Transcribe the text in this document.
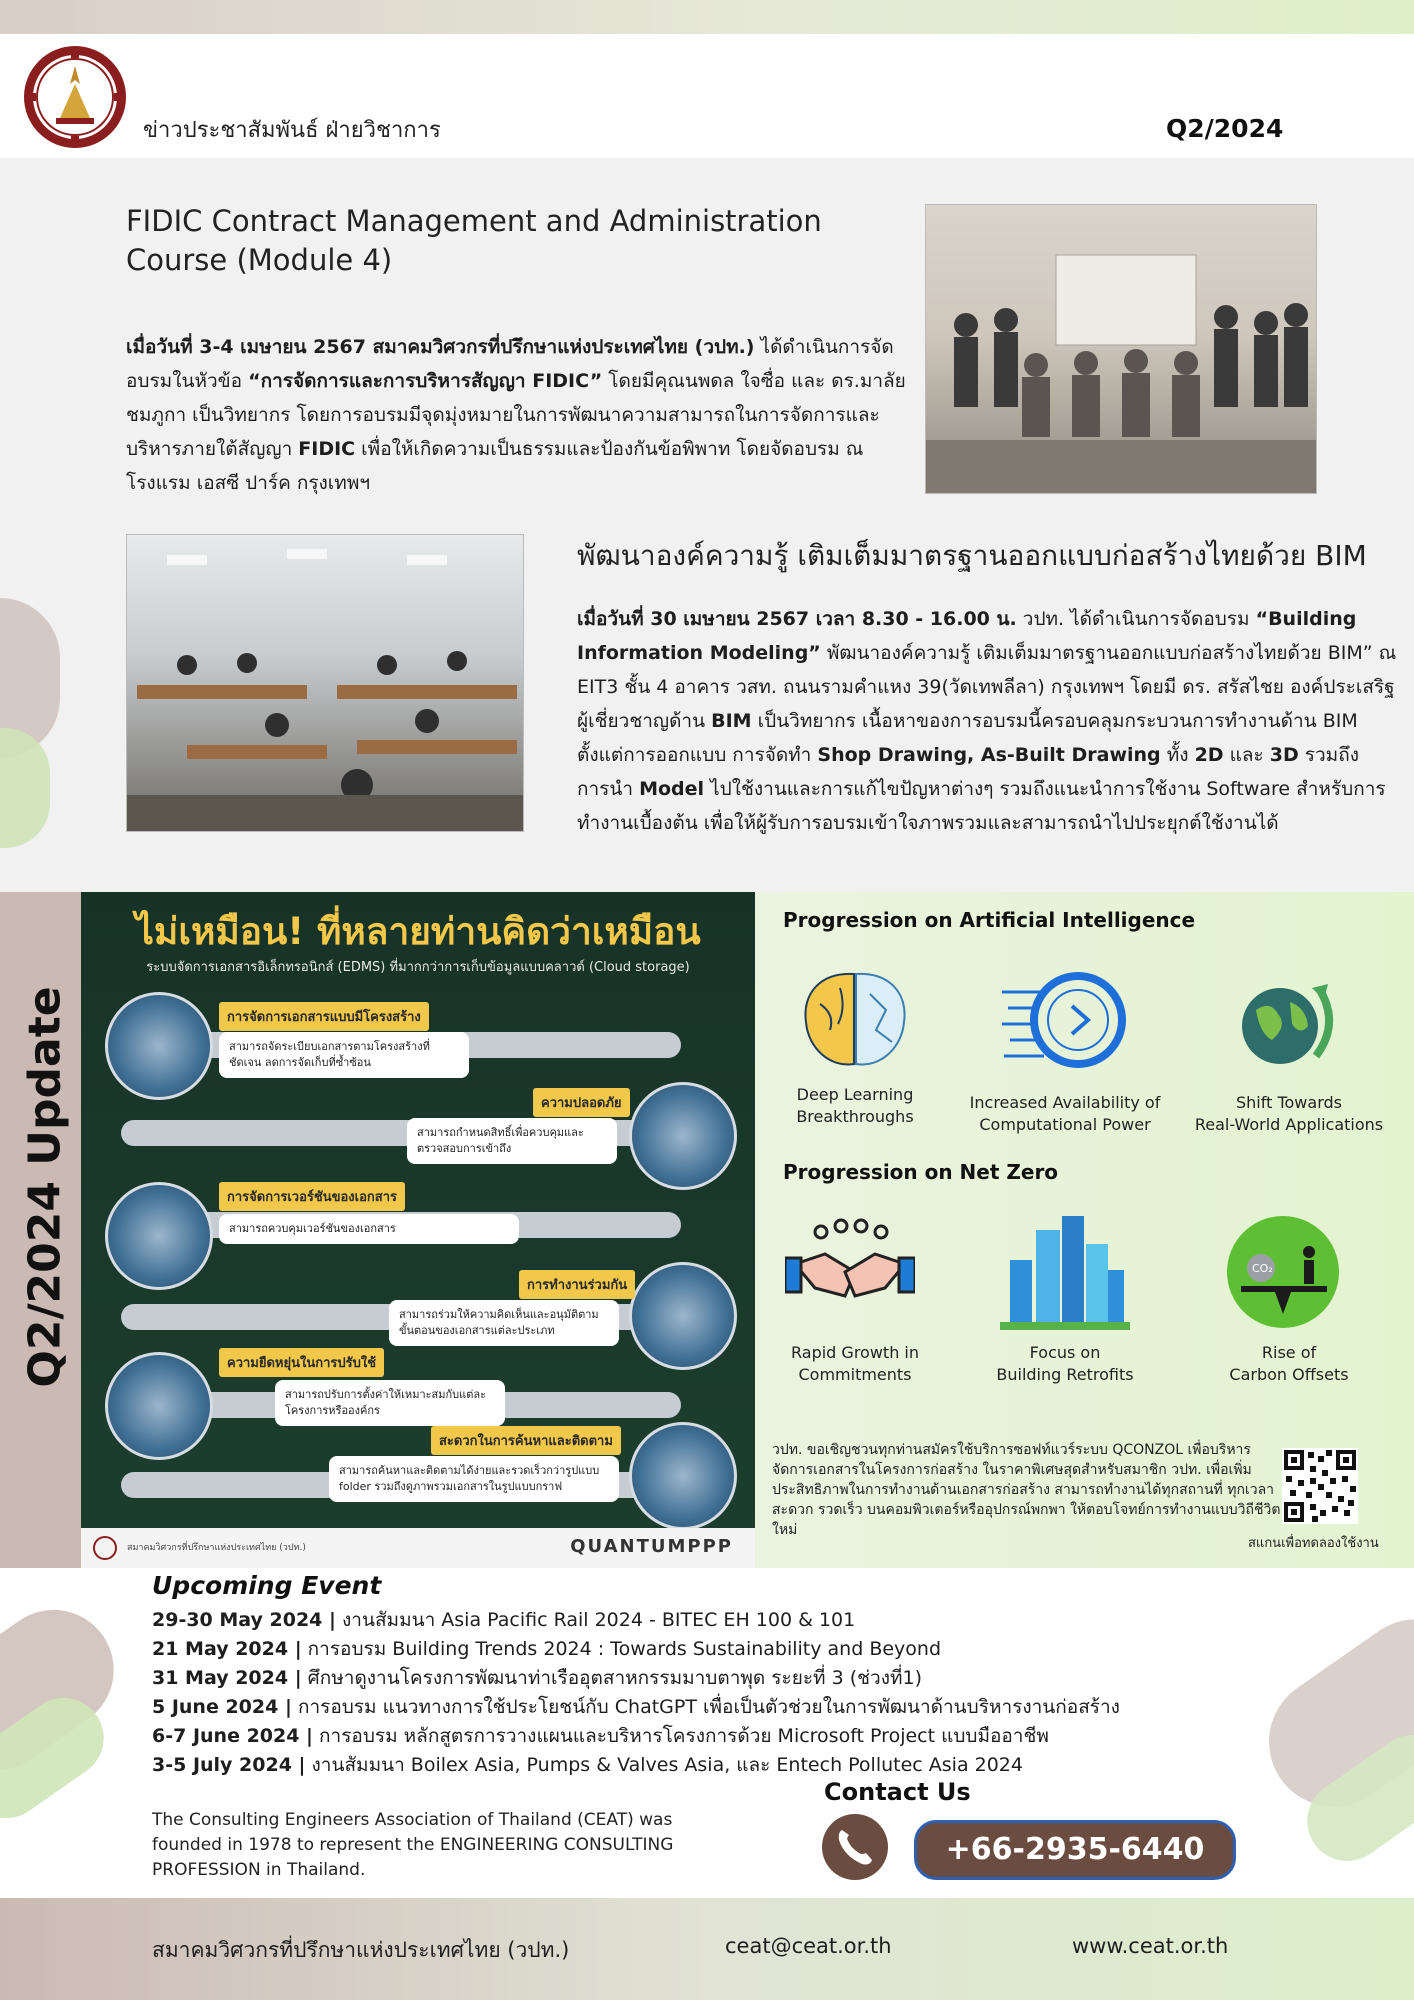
ข่าวประชาสัมพันธ์ ฝ่ายวิชาการ	Q2/2024
FIDIC Contract Management and Administration
Course (Module 4)
เมื่อวันที่ 3-4 เมษายน 2567 สมาคมวิศวกรที่ปรึกษาแห่งประเทศไทย (วปท.) ได้ดำเนินการจัดอบรมในหัวข้อ “การจัดการและการบริหารสัญญา FIDIC” โดยมีคุณนพดล ใจซื่อ และ ดร.มาลัย ชมภูกา เป็นวิทยากร โดยการอบรมมีจุดมุ่งหมายในการพัฒนาความสามารถในการจัดการและบริหารภายใต้สัญญา FIDIC เพื่อให้เกิดความเป็นธรรมและป้องกันข้อพิพาท โดยจัดอบรม ณ โรงแรม เอสซี ปาร์ค กรุงเทพฯ
พัฒนาองค์ความรู้ เติมเต็มมาตรฐานออกแบบก่อสร้างไทยด้วย BIM
เมื่อวันที่ 30 เมษายน 2567 เวลา 8.30 - 16.00 น. วปท. ได้ดำเนินการจัดอบรม “Building Information Modeling” พัฒนาองค์ความรู้ เติมเต็มมาตรฐานออกแบบก่อสร้างไทยด้วย BIM” ณ EIT3 ชั้น 4 อาคาร วสท. ถนนรามคำแหง 39(วัดเทพลีลา) กรุงเทพฯ โดยมี ดร. สรัสไชย องค์ประเสริฐ ผู้เชี่ยวชาญด้าน BIM เป็นวิทยากร เนื้อหาของการอบรมนี้ครอบคลุมกระบวนการทำงานด้าน BIM ตั้งแต่การออกแบบ การจัดทำ Shop Drawing, As-Built Drawing ทั้ง 2D และ 3D รวมถึงการนำ Model ไปใช้งานและการแก้ไขปัญหาต่างๆ รวมถึงแนะนำการใช้งาน Software สำหรับการทำงานเบื้องต้น เพื่อให้ผู้รับการอบรมเข้าใจภาพรวมและสามารถนำไปประยุกต์ใช้งานได้
Q2/2024 Update
ไม่เหมือน! ที่หลายท่านคิดว่าเหมือน
ระบบจัดการเอกสารอิเล็กทรอนิกส์ (EDMS) ที่มากกว่าการเก็บข้อมูลแบบคลาวด์ (Cloud storage)
การจัดการเอกสารแบบมีโครงสร้าง
สามารถจัดระเบียบเอกสารตามโครงสร้างที่ชัดเจน ลดการจัดเก็บที่ซ้ำซ้อน
ความปลอดภัย
สามารถกำหนดสิทธิ์เพื่อควบคุมและตรวจสอบการเข้าถึง
การจัดการเวอร์ชันของเอกสาร
สามารถควบคุมเวอร์ชันของเอกสาร
การทำงานร่วมกัน
สามารถร่วมให้ความคิดเห็นและอนุมัติตามขั้นตอนของเอกสารแต่ละประเภท
ความยืดหยุ่นในการปรับใช้
สามารถปรับการตั้งค่าให้เหมาะสมกับแต่ละโครงการหรือองค์กร
สะดวกในการค้นหาและติดตาม
สามารถค้นหาและติดตามได้ง่ายและรวดเร็วกว่ารูปแบบ folder รวมถึงดูภาพรวมเอกสารในรูปแบบกราฟ
สมาคมวิศวกรที่ปรึกษาแห่งประเทศไทย (วปท.)	QUANTUMPPP
Progression on Artificial Intelligence
Deep Learning
Breakthroughs
Increased Availability of
Computational Power
Shift Towards
Real-World Applications
Progression on Net Zero
Rapid Growth in
Commitments
Focus on
Building Retrofits
CO₂
Rise of
Carbon Offsets
วปท. ขอเชิญชวนทุกท่านสมัครใช้บริการซอฟท์แวร์ระบบ QCONZOL เพื่อบริหารจัดการเอกสารในโครงการก่อสร้าง ในราคาพิเศษสุดสำหรับสมาชิก วปท. เพื่อเพิ่มประสิทธิภาพในการทำงานด้านเอกสารก่อสร้าง สามารถทำงานได้ทุกสถานที่ ทุกเวลา สะดวก รวดเร็ว บนคอมพิวเตอร์หรืออุปกรณ์พกพา ให้ตอบโจทย์การทำงานแบบวิถีชีวิตใหม่
สแกนเพื่อทดลองใช้งาน
Upcoming Event
29-30 May 2024 | งานสัมมนา Asia Pacific Rail 2024 - BITEC EH 100 & 101
21 May 2024 | การอบรม Building Trends 2024 : Towards Sustainability and Beyond
31 May 2024 | ศึกษาดูงานโครงการพัฒนาท่าเรืออุตสาหกรรมมาบตาพุด ระยะที่ 3 (ช่วงที่1)
5 June 2024 | การอบรม แนวทางการใช้ประโยชน์กับ ChatGPT เพื่อเป็นตัวช่วยในการพัฒนาด้านบริหารงานก่อสร้าง
6-7 June 2024 | การอบรม หลักสูตรการวางแผนและบริหารโครงการด้วย Microsoft Project แบบมืออาชีพ
3-5 July 2024 | งานสัมมนา Boilex Asia, Pumps & Valves Asia, และ Entech Pollutec Asia 2024
The Consulting Engineers Association of Thailand (CEAT) was
founded in 1978 to represent the ENGINEERING CONSULTING
PROFESSION in Thailand.
Contact Us
+66-2935-6440
สมาคมวิศวกรที่ปรึกษาแห่งประเทศไทย (วปท.)	ceat@ceat.or.th	www.ceat.or.th
